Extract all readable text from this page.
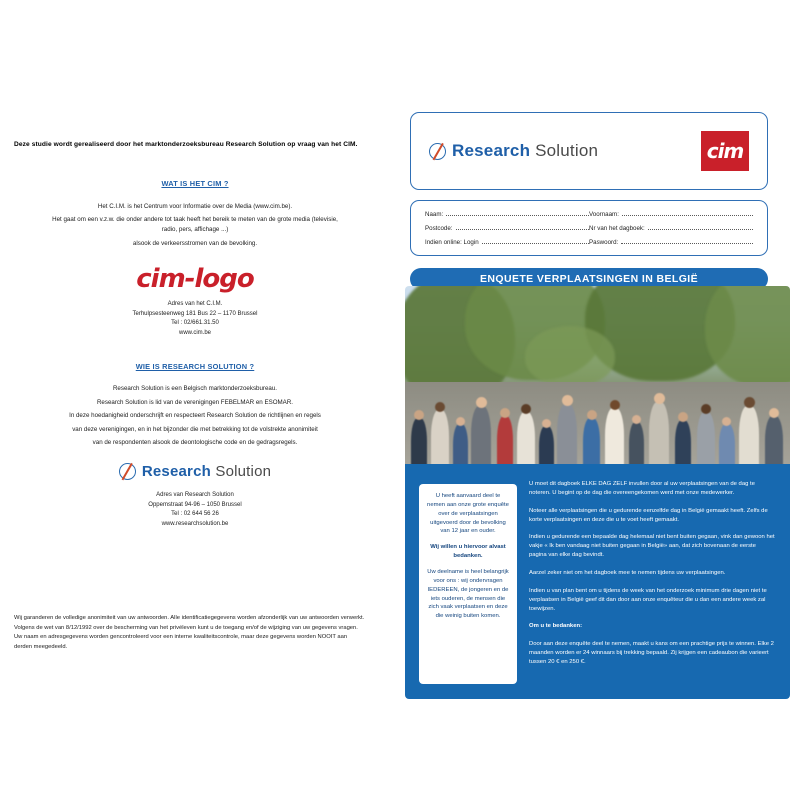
Deze studie wordt gerealiseerd door het marktonderzoeksbureau Research Solution op vraag van het CIM.
WAT IS HET CIM ?
Het C.I.M. is het Centrum voor Informatie over de Media (www.cim.be).
Het gaat om een v.z.w. die onder andere tot taak heeft het bereik te meten van de grote media (televisie, radio, pers, affichage ...)
alsook de verkeersstromen van de bevolking.
cim-logo
Adres van het C.I.M.
Terhulpsesteenweg 181 Bus 22 – 1170 Brussel
Tel : 02/661.31.50
www.cim.be
WIE IS RESEARCH SOLUTION ?
Research Solution is een Belgisch marktonderzoeksbureau.
Research Solution is lid van de verenigingen FEBELMAR en ESOMAR.
In deze hoedanigheid onderschrijft en respecteert Research Solution de richtlijnen en regels
van deze verenigingen, en in het bijzonder die met betrekking tot de volstrekte anonimiteit
van de respondenten alsook de deontologische code en de gedragsregels.
Research Solution
Adres van Research Solution
Oppemstraat 94-96 – 1050 Brussel
Tel : 02 644 56 26
www.researchsolution.be
Wij garanderen de volledige anonimiteit van uw antwoorden. Alle identificatiegegevens worden afzonderlijk van uw antwoorden verwerkt. Volgens de wet van 8/12/1992 over de bescherming van het privéleven kunt u de toegang en/of de wijziging van uw gegevens vragen. Uw naam en adresgegevens worden gencontroleerd voor een interne kwaliteitscontrole, maar deze gegevens worden NOOIT aan derden meegedeeld.
Research Solution	cim
Naam:	Voornaam:
Postcode:	Nr van het dagboek:
Indien online: Login	Paswoord:
ENQUETE VERPLAATSINGEN IN BELGIË

U heeft aanvaard deel te nemen aan onze grote enquête over de verplaatsingen uitgevoerd door de bevolking van 12 jaar en ouder.

Wij willen u hiervoor alvast bedanken.

Uw deelname is heel belangrijk voor ons : wij ondervragen IEDEREEN, de jongeren en de iets ouderen, de mensen die zich vaak verplaatsen en deze die weinig buiten komen.

U moet dit dagboek ELKE DAG ZELF invullen door al uw verplaatsingen van de dag te noteren. U begint op de dag die overeengekomen werd met onze medewerker.

Noteer alle verplaatsingen die u gedurende eenzelfde dag in België gemaakt heeft. Zelfs de korte verplaatsingen en deze die u te voet heeft gemaakt.

Indien u gedurende een bepaalde dag helemaal niet bent buiten gegaan, vink dan gewoon het vakje « Ik ben vandaag niet buiten gegaan in België» aan, dat zich bovenaan de eerste pagina van elke dag bevindt.

Aarzel zeker niet om het dagboek mee te nemen tijdens uw verplaatsingen.

Indien u van plan bent om u tijdens de week van het onderzoek minimum drie dagen niet te verplaatsen in België geef dit dan door aan onze enquêteur die u dan een andere week zal toewijzen.

Om u te bedanken:

Door aan deze enquête deel te nemen, maakt u kans om een prachtige prijs te winnen. Elke 2 maanden worden er 24 winnaars bij trekking bepaald. Zij krijgen een cadeaubon die varieert tussen 20 € en 250 €.
